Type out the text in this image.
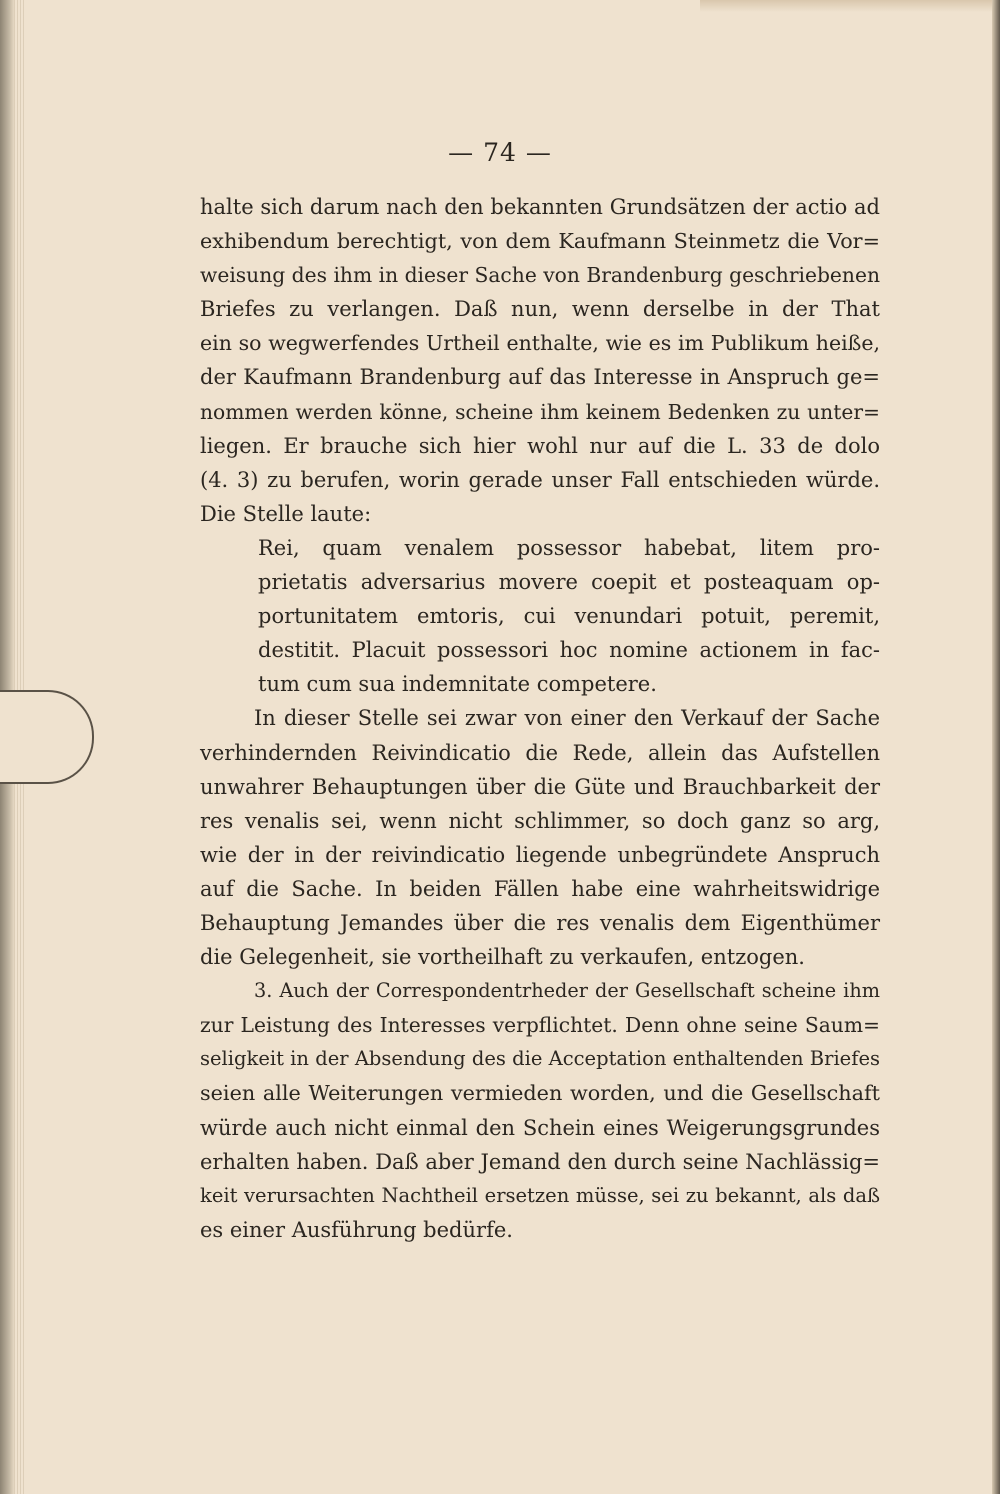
— 74 —
halte sich darum nach den bekannten Grundsätzen der actio ad
exhibendum berechtigt, von dem Kaufmann Steinmetz die Vor=
weisung des ihm in dieser Sache von Brandenburg geschriebenen
Briefes zu verlangen. Daß nun, wenn derselbe in der That
ein so wegwerfendes Urtheil enthalte, wie es im Publikum heiße,
der Kaufmann Brandenburg auf das Interesse in Anspruch ge=
nommen werden könne, scheine ihm keinem Bedenken zu unter=
liegen. Er brauche sich hier wohl nur auf die L. 33 de dolo
(4. 3) zu berufen, worin gerade unser Fall entschieden würde.
Die Stelle laute:
Rei, quam venalem possessor habebat, litem pro-
prietatis adversarius movere coepit et posteaquam op-
portunitatem emtoris, cui venundari potuit, peremit,
destitit. Placuit possessori hoc nomine actionem in fac-
tum cum sua indemnitate competere.
In dieser Stelle sei zwar von einer den Verkauf der Sache
verhindernden Reivindicatio die Rede, allein das Aufstellen
unwahrer Behauptungen über die Güte und Brauchbarkeit der
res venalis sei, wenn nicht schlimmer, so doch ganz so arg,
wie der in der reivindicatio liegende unbegründete Anspruch
auf die Sache. In beiden Fällen habe eine wahrheitswidrige
Behauptung Jemandes über die res venalis dem Eigenthümer
die Gelegenheit, sie vortheilhaft zu verkaufen, entzogen.
3. Auch der Correspondentrheder der Gesellschaft scheine ihm
zur Leistung des Interesses verpflichtet. Denn ohne seine Saum=
seligkeit in der Absendung des die Acceptation enthaltenden Briefes
seien alle Weiterungen vermieden worden, und die Gesellschaft
würde auch nicht einmal den Schein eines Weigerungsgrundes
erhalten haben. Daß aber Jemand den durch seine Nachlässig=
keit verursachten Nachtheil ersetzen müsse, sei zu bekannt, als daß
es einer Ausführung bedürfe.
